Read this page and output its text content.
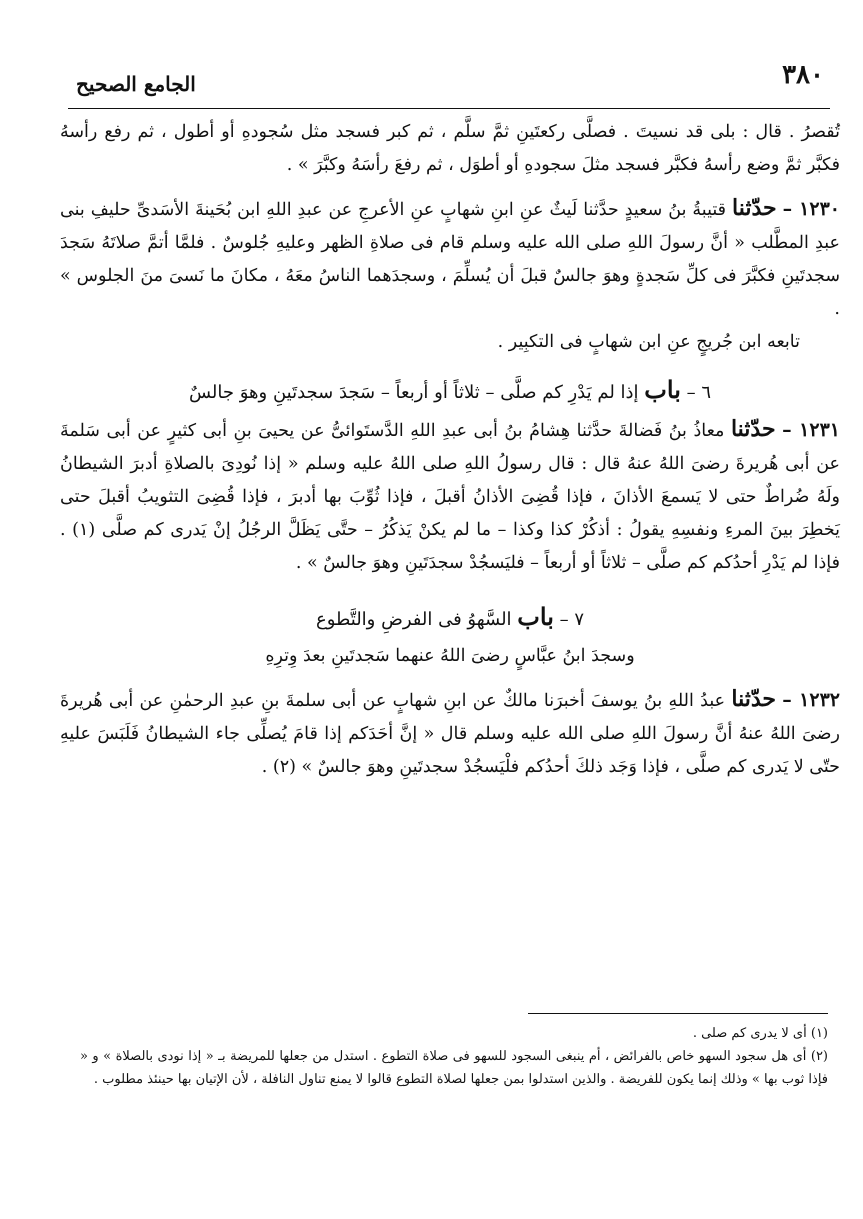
٣٨٠
الجامع الصحيح

تُقصرُ . قال : بلى قد نسيتَ . فصلَّى ركعتَينِ ثمَّ سلَّم ، ثم كبر فسجد مثل سُجودهِ أو أطول ، ثم رفع رأسهُ فكبَّر ثمَّ وضع رأسهُ فكبَّر فسجد مثلَ سجودهِ أو أطوَل ، ثم رفعَ رأسَهُ وكبَّرَ » .

١٢٣٠ – حدّثنا قتيبةُ بنُ سعيدٍ حدَّثنا لَيثٌ عنِ ابنِ شهابٍ عنِ الأعرجِ عن عبدِ اللهِ ابن بُحَينةَ الأسَدىِّ حليفِ بنى عبدِ المطَّلب « أنَّ رسولَ اللهِ صلى الله عليه وسلم قام فى صلاةِ الظهر وعليهِ جُلوسٌ . فلمَّا أتمَّ صلاتَهُ سَجدَ سجدتَينِ فكبَّرَ فى كلِّ سَجدةٍ وهوَ جالسٌ قبلَ أن يُسلِّمَ ، وسجدَهما الناسُ معَهُ ، مكانَ ما نَسىَ منَ الجلوس » .

تابعه ابن جُريجٍ عنِ ابن شهابٍ فى التكبِير .

٦ – باب إذا لم يَدْرِ كم صلَّى – ثلاثاً أو أربعاً – سَجدَ سجدتَينِ وهوَ جالسٌ

١٢٣١ – حدّثنا معاذُ بنُ فَضالةَ حدَّثنا هِشامُ بنُ أبى عبدِ اللهِ الدَّستَوائىُّ عن يحيىَ بنِ أبى كثيرٍ عن أبى سَلمةَ عن أبى هُريرةَ رضىَ اللهُ عنهُ قال : قال رسولُ اللهِ صلى اللهُ عليه وسلم « إذا نُودِىَ بالصلاةِ أدبرَ الشيطانُ ولَهُ ضُراطٌ حتى لا يَسمعَ الأذانَ ، فإذا قُضِىَ الأذانُ أقبلَ ، فإذا ثُوِّبَ بها أدبرَ ، فإذا قُضِىَ التثويبُ أقبلَ حتى يَخطِرَ بينَ المرءِ ونفسِهِ يقولُ : أذكُرْ كذا وكذا – ما لم يكنْ يَذكُرُ – حتَّى يَظَلَّ الرجُلُ إنْ يَدرى كم صلَّى (١) . فإذا لم يَدْرِ أحدُكم كم صلَّى – ثلاثاً أو أربعاً – فليَسجُدْ سجدَتَينِ وهوَ جالسٌ » .

٧ – باب السَّهوُ فى الفرضِ والتَّطوع

وسجدَ ابنُ عبَّاسٍ رضىَ اللهُ عنهما سَجدتَينِ بعدَ وِترِهِ

١٢٣٢ – حدّثنا عبدُ اللهِ بنُ يوسفَ أخبرَنا مالكٌ عن ابنِ شهابٍ عن أبى سلمةَ بنِ عبدِ الرحمٰنِ عن أبى هُريرةَ رضىَ اللهُ عنهُ أنَّ رسولَ اللهِ صلى الله عليه وسلم قال « إنَّ أحَدَكم إذا قامَ يُصلِّى جاء الشيطانُ فَلَبَسَ عليهِ حتّى لا يَدرى كم صلَّى ، فإذا وَجَد ذلكَ أحدُكم فلْيَسجُدْ سجدتَينِ وهوَ جالسٌ » (٢) .

(١) أى لا يدرى كم صلى .

(٢) أى هل سجود السهو خاص بالفرائض ، أم ينبغى السجود للسهو فى صلاة التطوع . استدل من جعلها للمريضة بـ « إذا نودى بالصلاة » و « فإذا ثوب بها » وذلك إنما يكون للفريضة . والذين استدلوا بمن جعلها لصلاة التطوع قالوا لا يمنع تناول النافلة ، لأن الإتيان بها حينئذ مطلوب .
